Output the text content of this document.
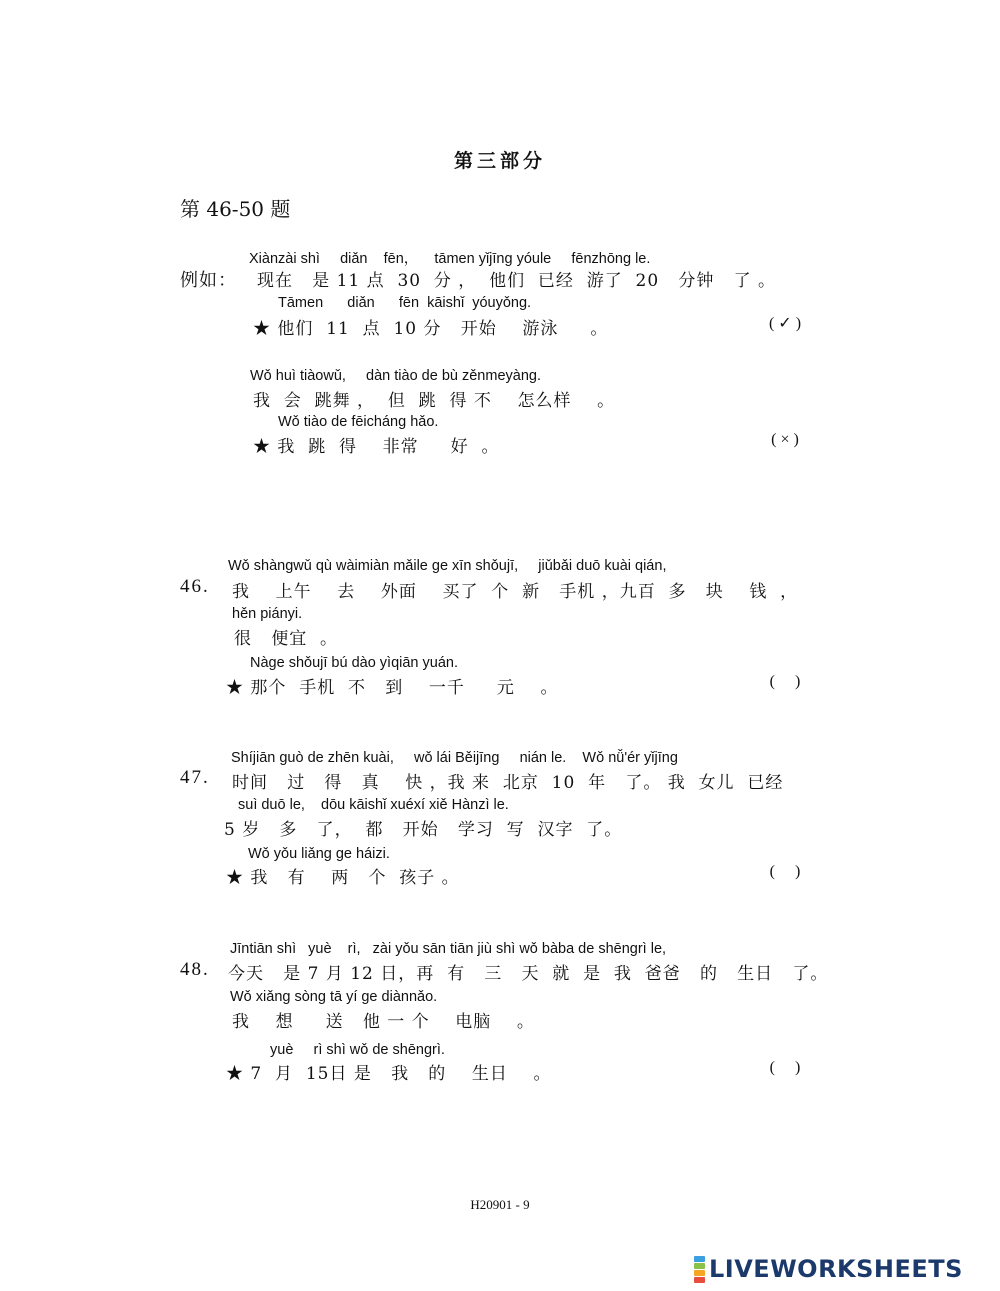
第三部分
第 46-50 题
Xiànzài shì     diǎn    fēn，    tāmen yǐjīng yóule     fēnzhōng le.
例如： 现在   是 11 点  30  分 ，  他们  已经  游了  20   分钟   了 。
Tāmen      diǎn      fēn  kāishǐ  yóuyǒng.
★ 他们  11  点  10 分   开始    游泳     。	( ✓ )
Wǒ huì tiàowǔ,     dàn tiào de bù zěnmeyàng.
我  会  跳舞 ，  但  跳  得 不    怎么样    。
Wǒ tiào de fēicháng hǎo.
★ 我  跳  得    非常     好  。	( × )
Wǒ shàngwǔ qù wàimiàn mǎile ge xīn shǒujī,     jiǔbǎi duō kuài qián,
46. 我    上午    去    外面    买了  个  新   手机 ，九百  多   块    钱  ，
hěn piányi.
很   便宜  。
Nàge shǒujī bú dào yìqiān yuán.
★ 那个  手机  不   到    一千     元    。	(     )
Shíjiān guò de zhēn kuài,     wǒ lái Běijīng     nián le.    Wǒ nǚ'ér yǐjīng
47. 时间   过   得   真    快 ，我 来  北京  10  年   了。 我  女儿  已经
suì duō le,    dōu kāishǐ xuéxí xiě Hànzì le.
5 岁   多   了，  都   开始   学习  写  汉字  了。
Wǒ yǒu liǎng ge háizi.
★ 我   有    两   个  孩子 。	(     )
Jīntiān shì   yuè    rì,   zài yǒu sān tiān jiù shì wǒ bàba de shēngrì le,
48. 今天   是 7 月 12 日，再  有   三   天  就  是  我  爸爸   的   生日   了。
Wǒ xiǎng sòng tā yí ge diànnǎo.
我    想     送   他 一 个    电脑    。
yuè     rì shì wǒ de shēngrì.
★ 7  月  15日 是   我   的    生日    。	(     )
H20901 - 9
LIVEWORKSHEETS
